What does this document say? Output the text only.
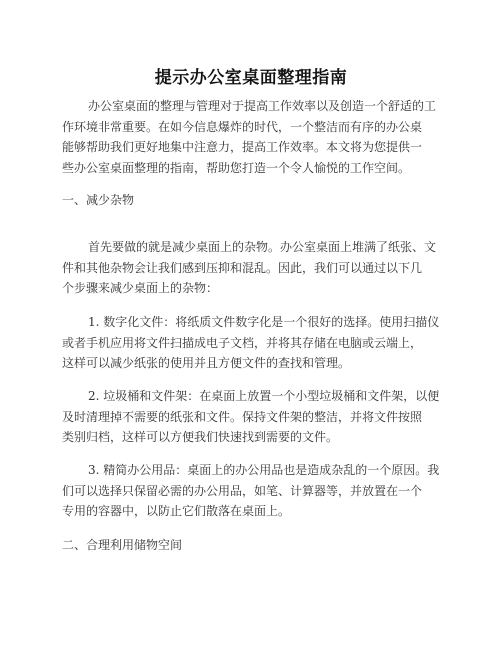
提示办公室桌面整理指南
办公室桌面的整理与管理对于提高工作效率以及创造一个舒适的工
作环境非常重要。在如今信息爆炸的时代，一个整洁而有序的办公桌
能够帮助我们更好地集中注意力，提高工作效率。本文将为您提供一
些办公室桌面整理的指南，帮助您打造一个令人愉悦的工作空间。
一、减少杂物
首先要做的就是减少桌面上的杂物。办公室桌面上堆满了纸张、文
件和其他杂物会让我们感到压抑和混乱。因此，我们可以通过以下几
个步骤来减少桌面上的杂物：
1. 数字化文件：将纸质文件数字化是一个很好的选择。使用扫描仪
或者手机应用将文件扫描成电子文档，并将其存储在电脑或云端上，
这样可以减少纸张的使用并且方便文件的查找和管理。
2. 垃圾桶和文件架：在桌面上放置一个小型垃圾桶和文件架，以便
及时清理掉不需要的纸张和文件。保持文件架的整洁，并将文件按照
类别归档，这样可以方便我们快速找到需要的文件。
3. 精简办公用品：桌面上的办公用品也是造成杂乱的一个原因。我
们可以选择只保留必需的办公用品，如笔、计算器等，并放置在一个
专用的容器中，以防止它们散落在桌面上。
二、合理利用储物空间
